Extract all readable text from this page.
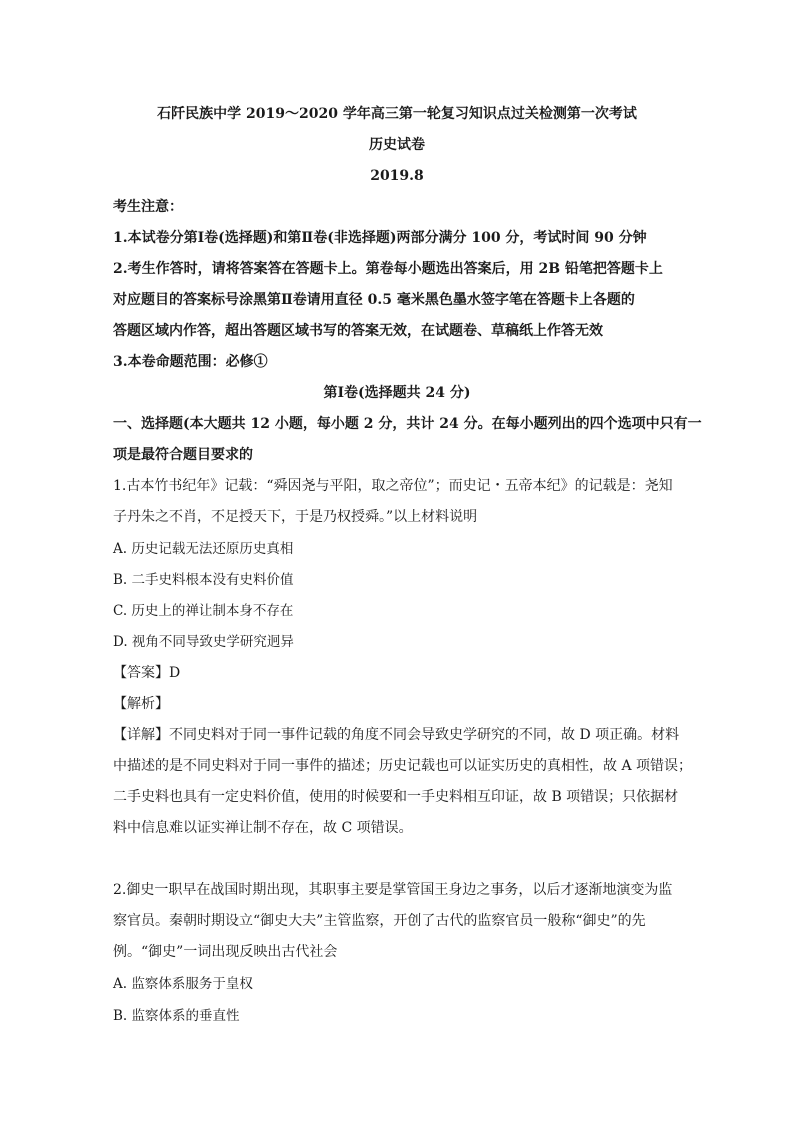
石阡民族中学 2019～2020 学年高三第一轮复习知识点过关检测第一次考试
历史试卷
2019.8
考生注意：
1.本试卷分第Ⅰ卷(选择题)和第Ⅱ卷(非选择题)两部分满分 100 分，考试时间 90 分钟
2.考生作答时，请将答案答在答题卡上。第卷每小题选出答案后，用 2B 铅笔把答题卡上
对应题目的答案标号涂黑第Ⅱ卷请用直径 0.5 毫米黑色墨水签字笔在答题卡上各题的
答题区域内作答，超出答题区域书写的答案无效，在试题卷、草稿纸上作答无效
3.本卷命题范围：必修①
第Ⅰ卷(选择题共 24 分)
一、选择题(本大题共 12 小题，每小题 2 分，共计 24 分。在每小题列出的四个选项中只有一
项是最符合题目要求的
1.古本竹书纪年》记载：“舜因尧与平阳，取之帝位”；而史记・五帝本纪》的记载是：尧知
子丹朱之不肖，不足授天下，于是乃权授舜。”以上材料说明
A. 历史记载无法还原历史真相
B. 二手史料根本没有史料价值
C. 历史上的禅让制本身不存在
D. 视角不同导致史学研究迥异
【答案】D
【解析】
【详解】不同史料对于同一事件记载的角度不同会导致史学研究的不同，故 D 项正确。材料
中描述的是不同史料对于同一事件的描述；历史记载也可以证实历史的真相性，故 A 项错误；
二手史料也具有一定史料价值，使用的时候要和一手史料相互印证，故 B 项错误；只依据材
料中信息难以证实禅让制不存在，故 C 项错误。
2.御史一职早在战国时期出现，其职事主要是掌管国王身边之事务，以后才逐渐地演变为监
察官员。秦朝时期设立“御史大夫”主管监察，开创了古代的监察官员一般称“御史”的先
例。“御史”一词出现反映出古代社会
A. 监察体系服务于皇权
B. 监察体系的垂直性
